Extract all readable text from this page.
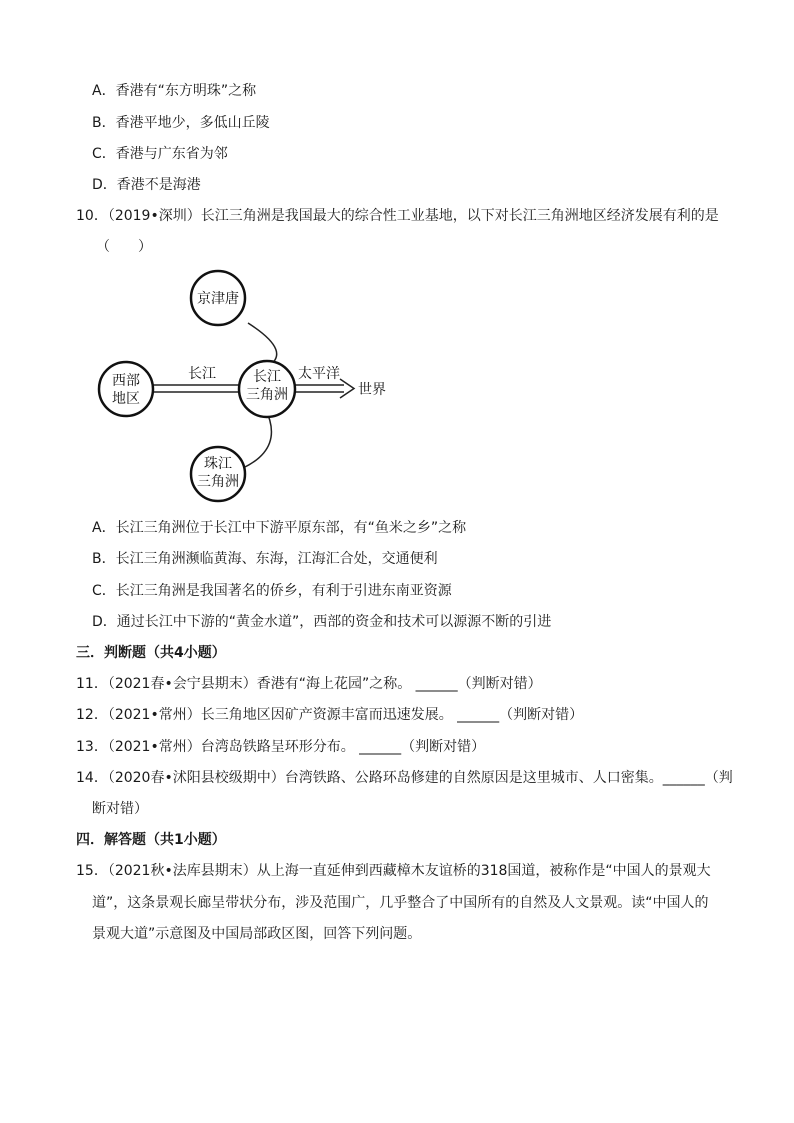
A．香港有“东方明珠”之称
B．香港平地少，多低山丘陵
C．香港与广东省为邻
D．香港不是海港
10．（2019•深圳）长江三角洲是我国最大的综合性工业基地，以下对长江三角洲地区经济发展有利的是
（　　）
京津唐
西部
地区
长江	长江
三角洲
太平洋
世界
珠江
三角洲
A．长江三角洲位于长江中下游平原东部，有“鱼米之乡”之称
B．长江三角洲濒临黄海、东海，江海汇合处，交通便利
C．长江三角洲是我国著名的侨乡，有利于引进东南亚资源
D．通过长江中下游的“黄金水道”，西部的资金和技术可以源源不断的引进
三．判断题（共4小题）
11．（2021春•会宁县期末）香港有“海上花园”之称。 ______（判断对错）
12．（2021•常州）长三角地区因矿产资源丰富而迅速发展。 ______（判断对错）
13．（2021•常州）台湾岛铁路呈环形分布。 ______（判断对错）
14．（2020春•沭阳县校级期中）台湾铁路、公路环岛修建的自然原因是这里城市、人口密集。______（判
断对错）
四．解答题（共1小题）
15．（2021秋•法库县期末）从上海一直延伸到西藏樟木友谊桥的318国道，被称作是“中国人的景观大
道”，这条景观长廊呈带状分布，涉及范围广，几乎整合了中国所有的自然及人文景观。读“中国人的
景观大道”示意图及中国局部政区图，回答下列问题。
